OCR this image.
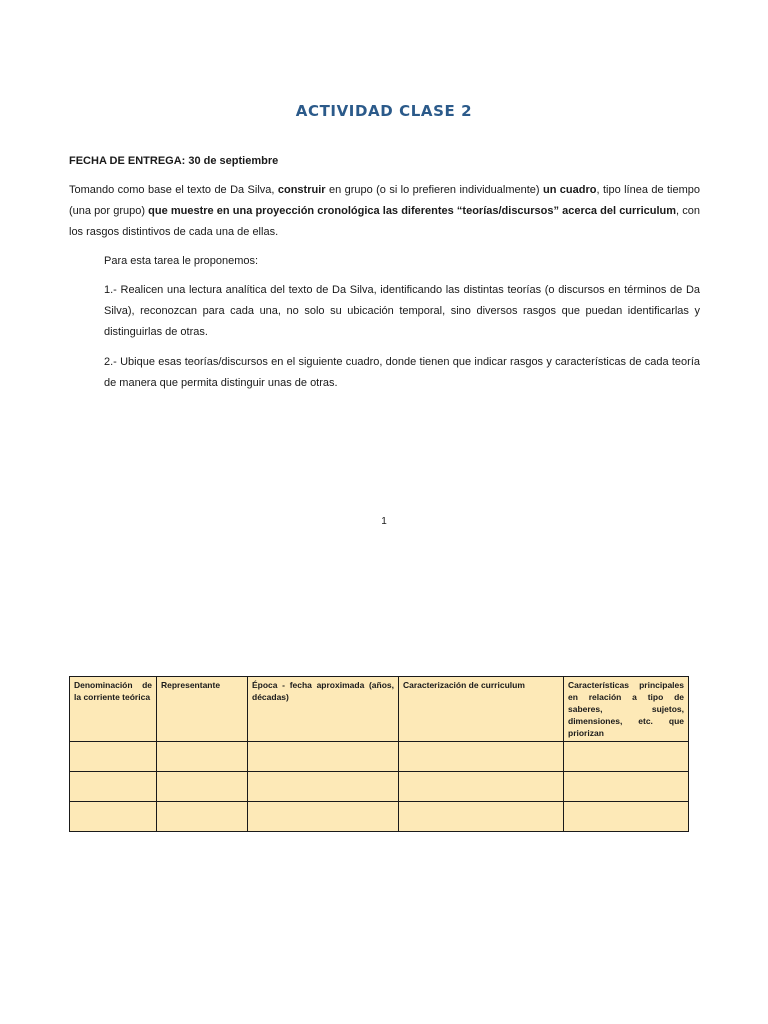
ACTIVIDAD CLASE 2
FECHA DE ENTREGA: 30 de septiembre
Tomando como base el texto de Da Silva, construir en grupo (o si lo prefieren individualmente) un cuadro, tipo línea de tiempo (una por grupo) que muestre en una proyección cronológica las diferentes “teorías/discursos” acerca del curriculum, con los rasgos distintivos de cada una de ellas.
Para esta tarea le proponemos:
1.- Realicen una lectura analítica del texto de Da Silva, identificando las distintas teorías (o discursos en términos de Da Silva), reconozcan para cada una, no solo su ubicación temporal, sino diversos rasgos que puedan identificarlas y distinguirlas de otras.
2.- Ubique esas teorías/discursos en el siguiente cuadro, donde tienen que indicar rasgos y características de cada teoría de manera que permita distinguir unas de otras.
1
Denominación de la corriente teórica	Representante	Época - fecha aproximada (años, décadas)	Caracterización de curriculum	Características principales en relación a tipo de saberes, sujetos, dimensiones, etc. que priorizan
